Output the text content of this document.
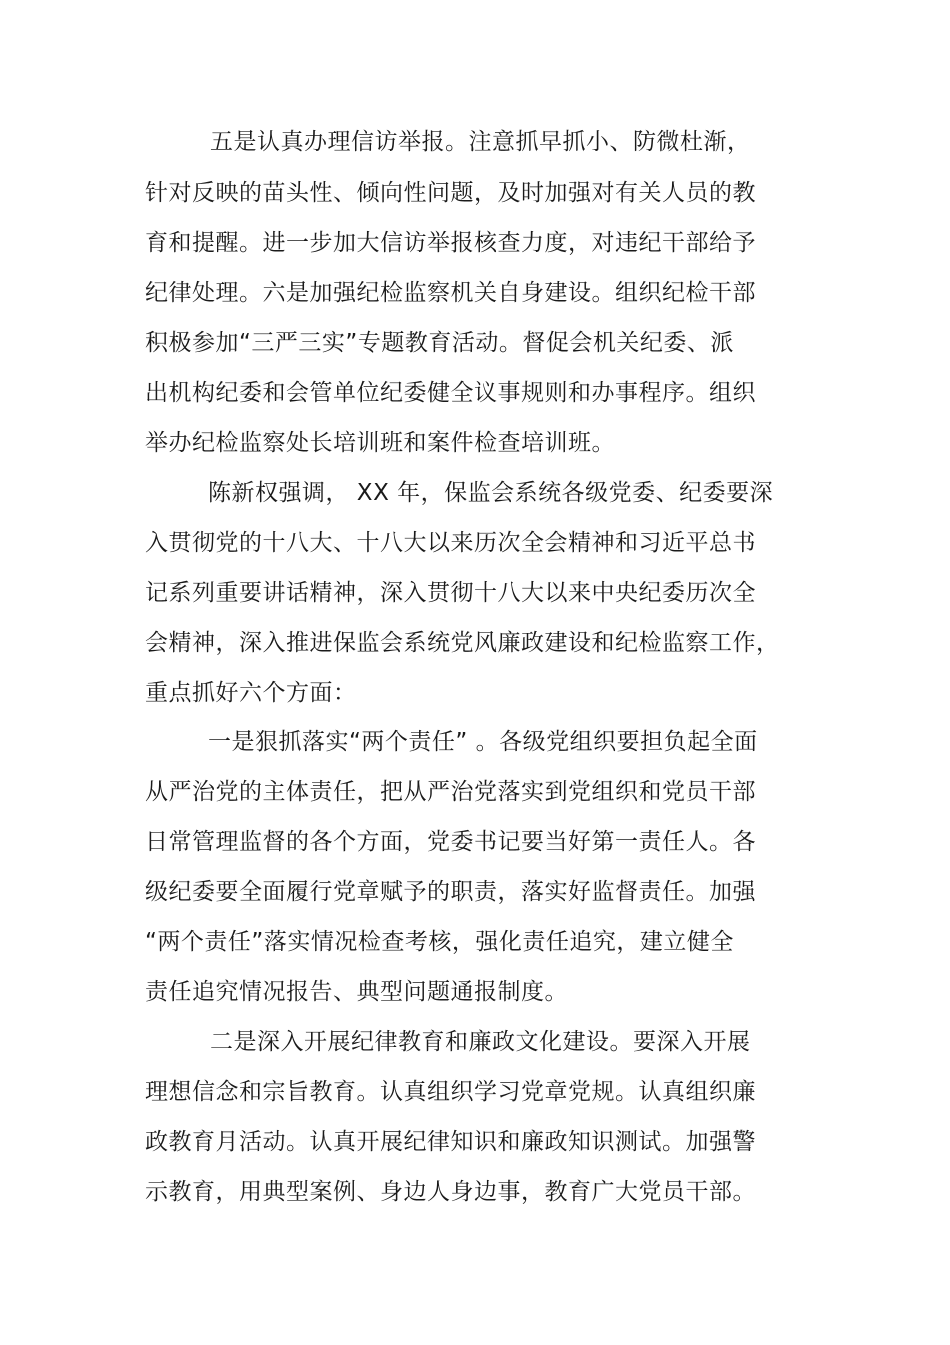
五是认真办理信访举报。注意抓早抓小、防微杜渐，
针对反映的苗头性、倾向性问题，及时加强对有关人员的教
育和提醒。进一步加大信访举报核查力度，对违纪干部给予
纪律处理。六是加强纪检监察机关自身建设。组织纪检干部
积极参加“三严三实”专题教育活动。督促会机关纪委、派
出机构纪委和会管单位纪委健全议事规则和办事程序。组织
举办纪检监察处长培训班和案件检查培训班。
陈新权强调， XX 年，保监会系统各级党委、纪委要深
入贯彻党的十八大、十八大以来历次全会精神和习近平总书
记系列重要讲话精神，深入贯彻十八大以来中央纪委历次全
会精神，深入推进保监会系统党风廉政建设和纪检监察工作，
重点抓好六个方面：
一是狠抓落实“两个责任” 。各级党组织要担负起全面
从严治党的主体责任，把从严治党落实到党组织和党员干部
日常管理监督的各个方面，党委书记要当好第一责任人。各
级纪委要全面履行党章赋予的职责，落实好监督责任。加强
“两个责任”落实情况检查考核，强化责任追究，建立健全
责任追究情况报告、典型问题通报制度。
二是深入开展纪律教育和廉政文化建设。要深入开展
理想信念和宗旨教育。认真组织学习党章党规。认真组织廉
政教育月活动。认真开展纪律知识和廉政知识测试。加强警
示教育，用典型案例、身边人身边事，教育广大党员干部。
